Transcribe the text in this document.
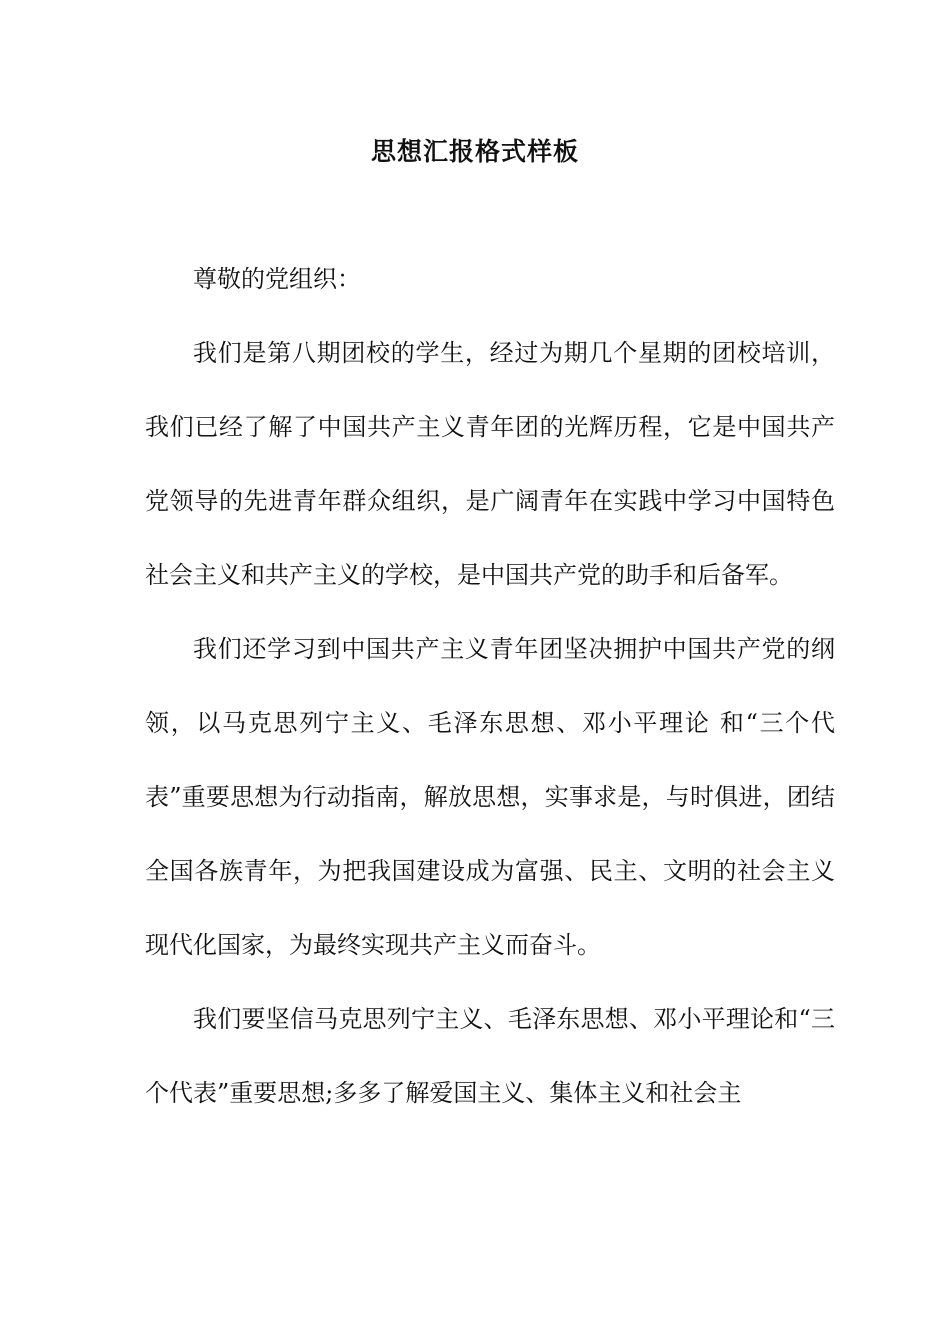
思想汇报格式样板

尊敬的党组织：

我们是第八期团校的学生，经过为期几个星期的团校培训，我们已经了解了中国共产主义青年团的光辉历程，它是中国共产党领导的先进青年群众组织，是广阔青年在实践中学习中国特色社会主义和共产主义的学校，是中国共产党的助手和后备军。

我们还学习到中国共产主义青年团坚决拥护中国共产党的纲领，以马克思列宁主义、毛泽东思想、邓小平理论 和“三个代表”重要思想为行动指南，解放思想，实事求是，与时俱进，团结全国各族青年，为把我国建设成为富强、民主、文明的社会主义现代化国家，为最终实现共产主义而奋斗。

我们要坚信马克思列宁主义、毛泽东思想、邓小平理论和“三个代表”重要思想;多多了解爱国主义、集体主义和社会主
